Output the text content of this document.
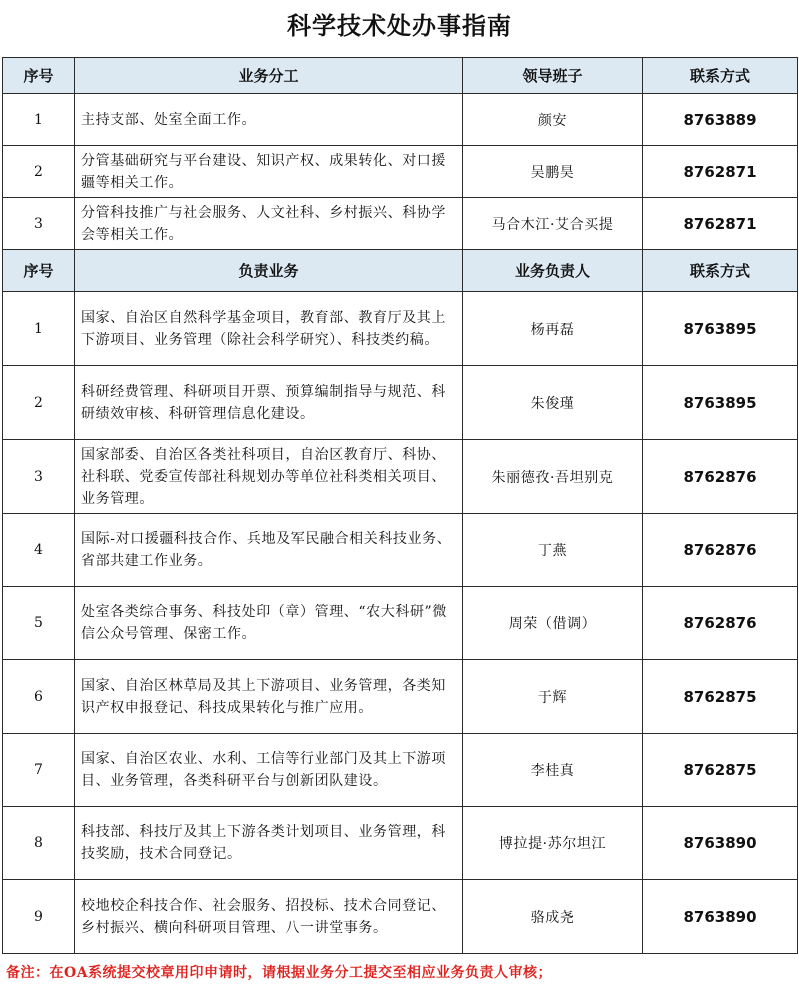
科学技术处办事指南
序号	业务分工	领导班子	联系方式
1	主持支部、处室全面工作。	颜安	8763889
2	分管基础研究与平台建设、知识产权、成果转化、对口援疆等相关工作。	吴鹏昊	8762871
3	分管科技推广与社会服务、人文社科、乡村振兴、科协学会等相关工作。	马合木江·艾合买提	8762871
序号	负责业务	业务负责人	联系方式
1	国家、自治区自然科学基金项目，教育部、教育厅及其上下游项目、业务管理（除社会科学研究）、科技类约稿。	杨再磊	8763895
2	科研经费管理、科研项目开票、预算编制指导与规范、科研绩效审核、科研管理信息化建设。	朱俊瑾	8763895
3	国家部委、自治区各类社科项目，自治区教育厅、科协、社科联、党委宣传部社科规划办等单位社科类相关项目、业务管理。	朱丽德孜·吾坦别克	8762876
4	国际-对口援疆科技合作、兵地及军民融合相关科技业务、省部共建工作业务。	丁燕	8762876
5	处室各类综合事务、科技处印（章）管理、“农大科研”微信公众号管理、保密工作。	周荣（借调）	8762876
6	国家、自治区林草局及其上下游项目、业务管理，各类知识产权申报登记、科技成果转化与推广应用。	于辉	8762875
7	国家、自治区农业、水利、工信等行业部门及其上下游项目、业务管理，各类科研平台与创新团队建设。	李桂真	8762875
8	科技部、科技厅及其上下游各类计划项目、业务管理，科技奖励，技术合同登记。	博拉提·苏尔坦江	8763890
9	校地校企科技合作、社会服务、招投标、技术合同登记、乡村振兴、横向科研项目管理、八一讲堂事务。	骆成尧	8763890
备注：在OA系统提交校章用印申请时，请根据业务分工提交至相应业务负责人审核；
